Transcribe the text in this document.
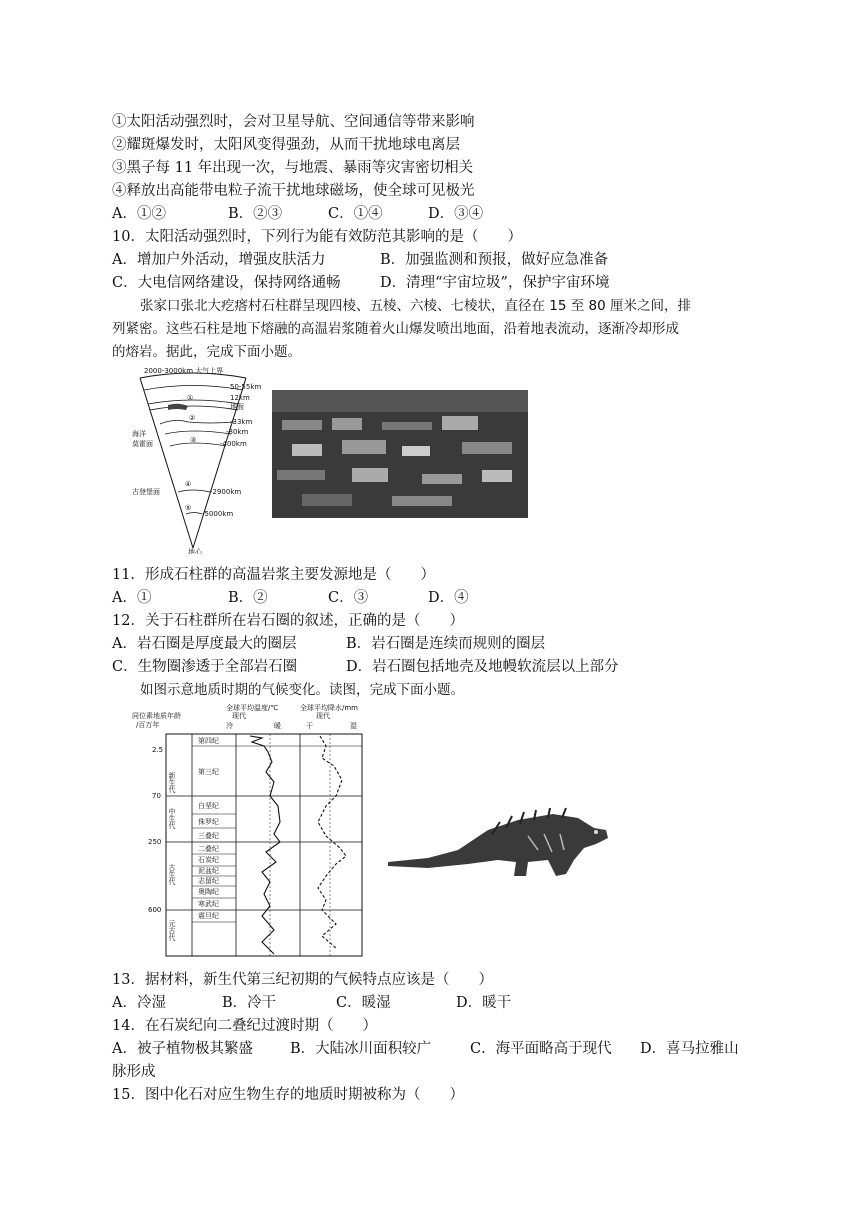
①太阳活动强烈时，会对卫星导航、空间通信等带来影响
②耀斑爆发时，太阳风变得强劲，从而干扰地球电离层
③黑子每 11 年出现一次，与地震、暴雨等灾害密切相关
④释放出高能带电粒子流干扰地球磁场，使全球可见极光
A．①②	B．②③	C．①④	D．③④
10．太阳活动强烈时，下列行为能有效防范其影响的是（　　）
A．增加户外活动，增强皮肤活力	B．加强监测和预报，做好应急准备
C．大电信网络建设，保持网络通畅	D．清理“宇宙垃圾”，保护宇宙环境
张家口张北大疙瘩村石柱群呈现四棱、五棱、六棱、七棱状，直径在 15 至 80 厘米之间，排
列紧密。这些石柱是地下熔融的高温岩浆随着火山爆发喷出地面，沿着地表流动，逐渐冷却形成
的熔岩。据此，完成下面小题。
2000-3000km 大气上界
①
②
③
④
⑤
50-55km
12km
地面
-33km
-80km
-400km
-2900km
-5000km
海洋
莫霍面
古登堡面
地心
11．形成石柱群的高温岩浆主要发源地是（　　）
A．①	B．②	C．③	D．④
12．关于石柱群所在岩石圈的叙述，正确的是（　　）
A．岩石圈是厚度最大的圈层	B．岩石圈是连续而规则的圈层
C．生物圈渗透于全部岩石圈	D．岩石圈包括地壳及地幔软流层以上部分
如图示意地质时期的气候变化。读图，完成下面小题。
全球平均温度/℃	全球平均降水/mm
同位素地质年龄	现代	现代
/百万年	冷	暖	干	湿
2.5
70
250
600
新生代
中生代
古生代
元古代
第四纪
第三纪
白垩纪
侏罗纪
三叠纪
二叠纪
石炭纪
泥盆纪
志留纪
奥陶纪
寒武纪
震旦纪
13．据材料，新生代第三纪初期的气候特点应该是（　　）
A．冷湿	B．冷干	C．暖湿	D．暖干
14．在石炭纪向二叠纪过渡时期（　　）
A．被子植物极其繁盛	B．大陆冰川面积较广	C．海平面略高于现代	D．喜马拉雅山
脉形成
15．图中化石对应生物生存的地质时期被称为（　　）
